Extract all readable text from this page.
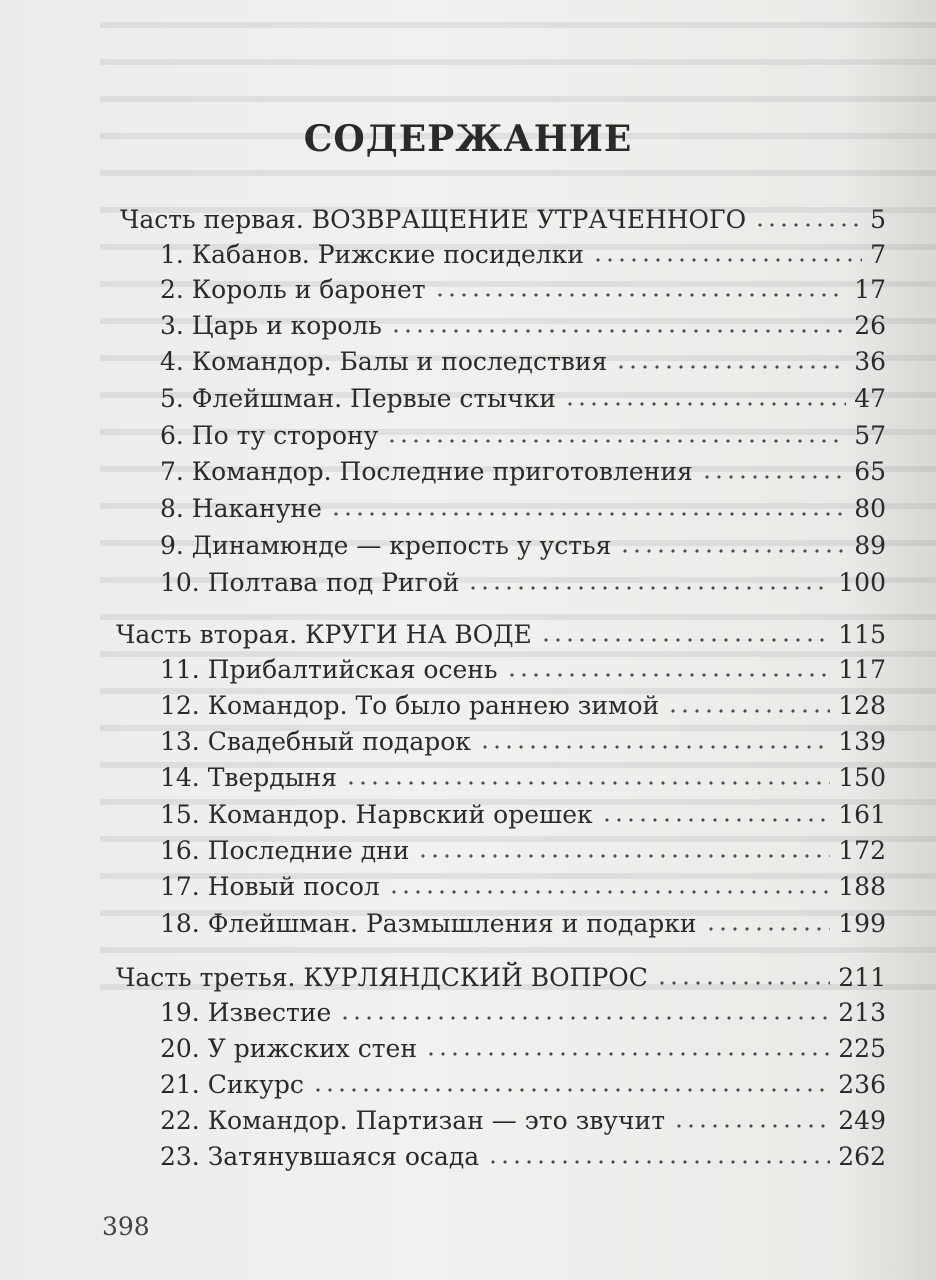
СОДЕРЖАНИЕ
Часть первая. ВОЗВРАЩЕНИЕ УТРАЧЕННОГО	5
1. Кабанов. Рижские посиделки	7
2. Король и баронет	17
3. Царь и король	26
4. Командор. Балы и последствия	36
5. Флейшман. Первые стычки	47
6. По ту сторону	57
7. Командор. Последние приготовления	65
8. Накануне	80
9. Динамюнде — крепость у устья	89
10. Полтава под Ригой	100
Часть вторая. КРУГИ НА ВОДЕ	115
11. Прибалтийская осень	117
12. Командор. То было раннею зимой	128
13. Свадебный подарок	139
14. Твердыня	150
15. Командор. Нарвский орешек	161
16. Последние дни	172
17. Новый посол	188
18. Флейшман. Размышления и подарки	199
Часть третья. КУРЛЯНДСКИЙ ВОПРОС	211
19. Известие	213
20. У рижских стен	225
21. Сикурс	236
22. Командор. Партизан — это звучит	249
23. Затянувшаяся осада	262
398
